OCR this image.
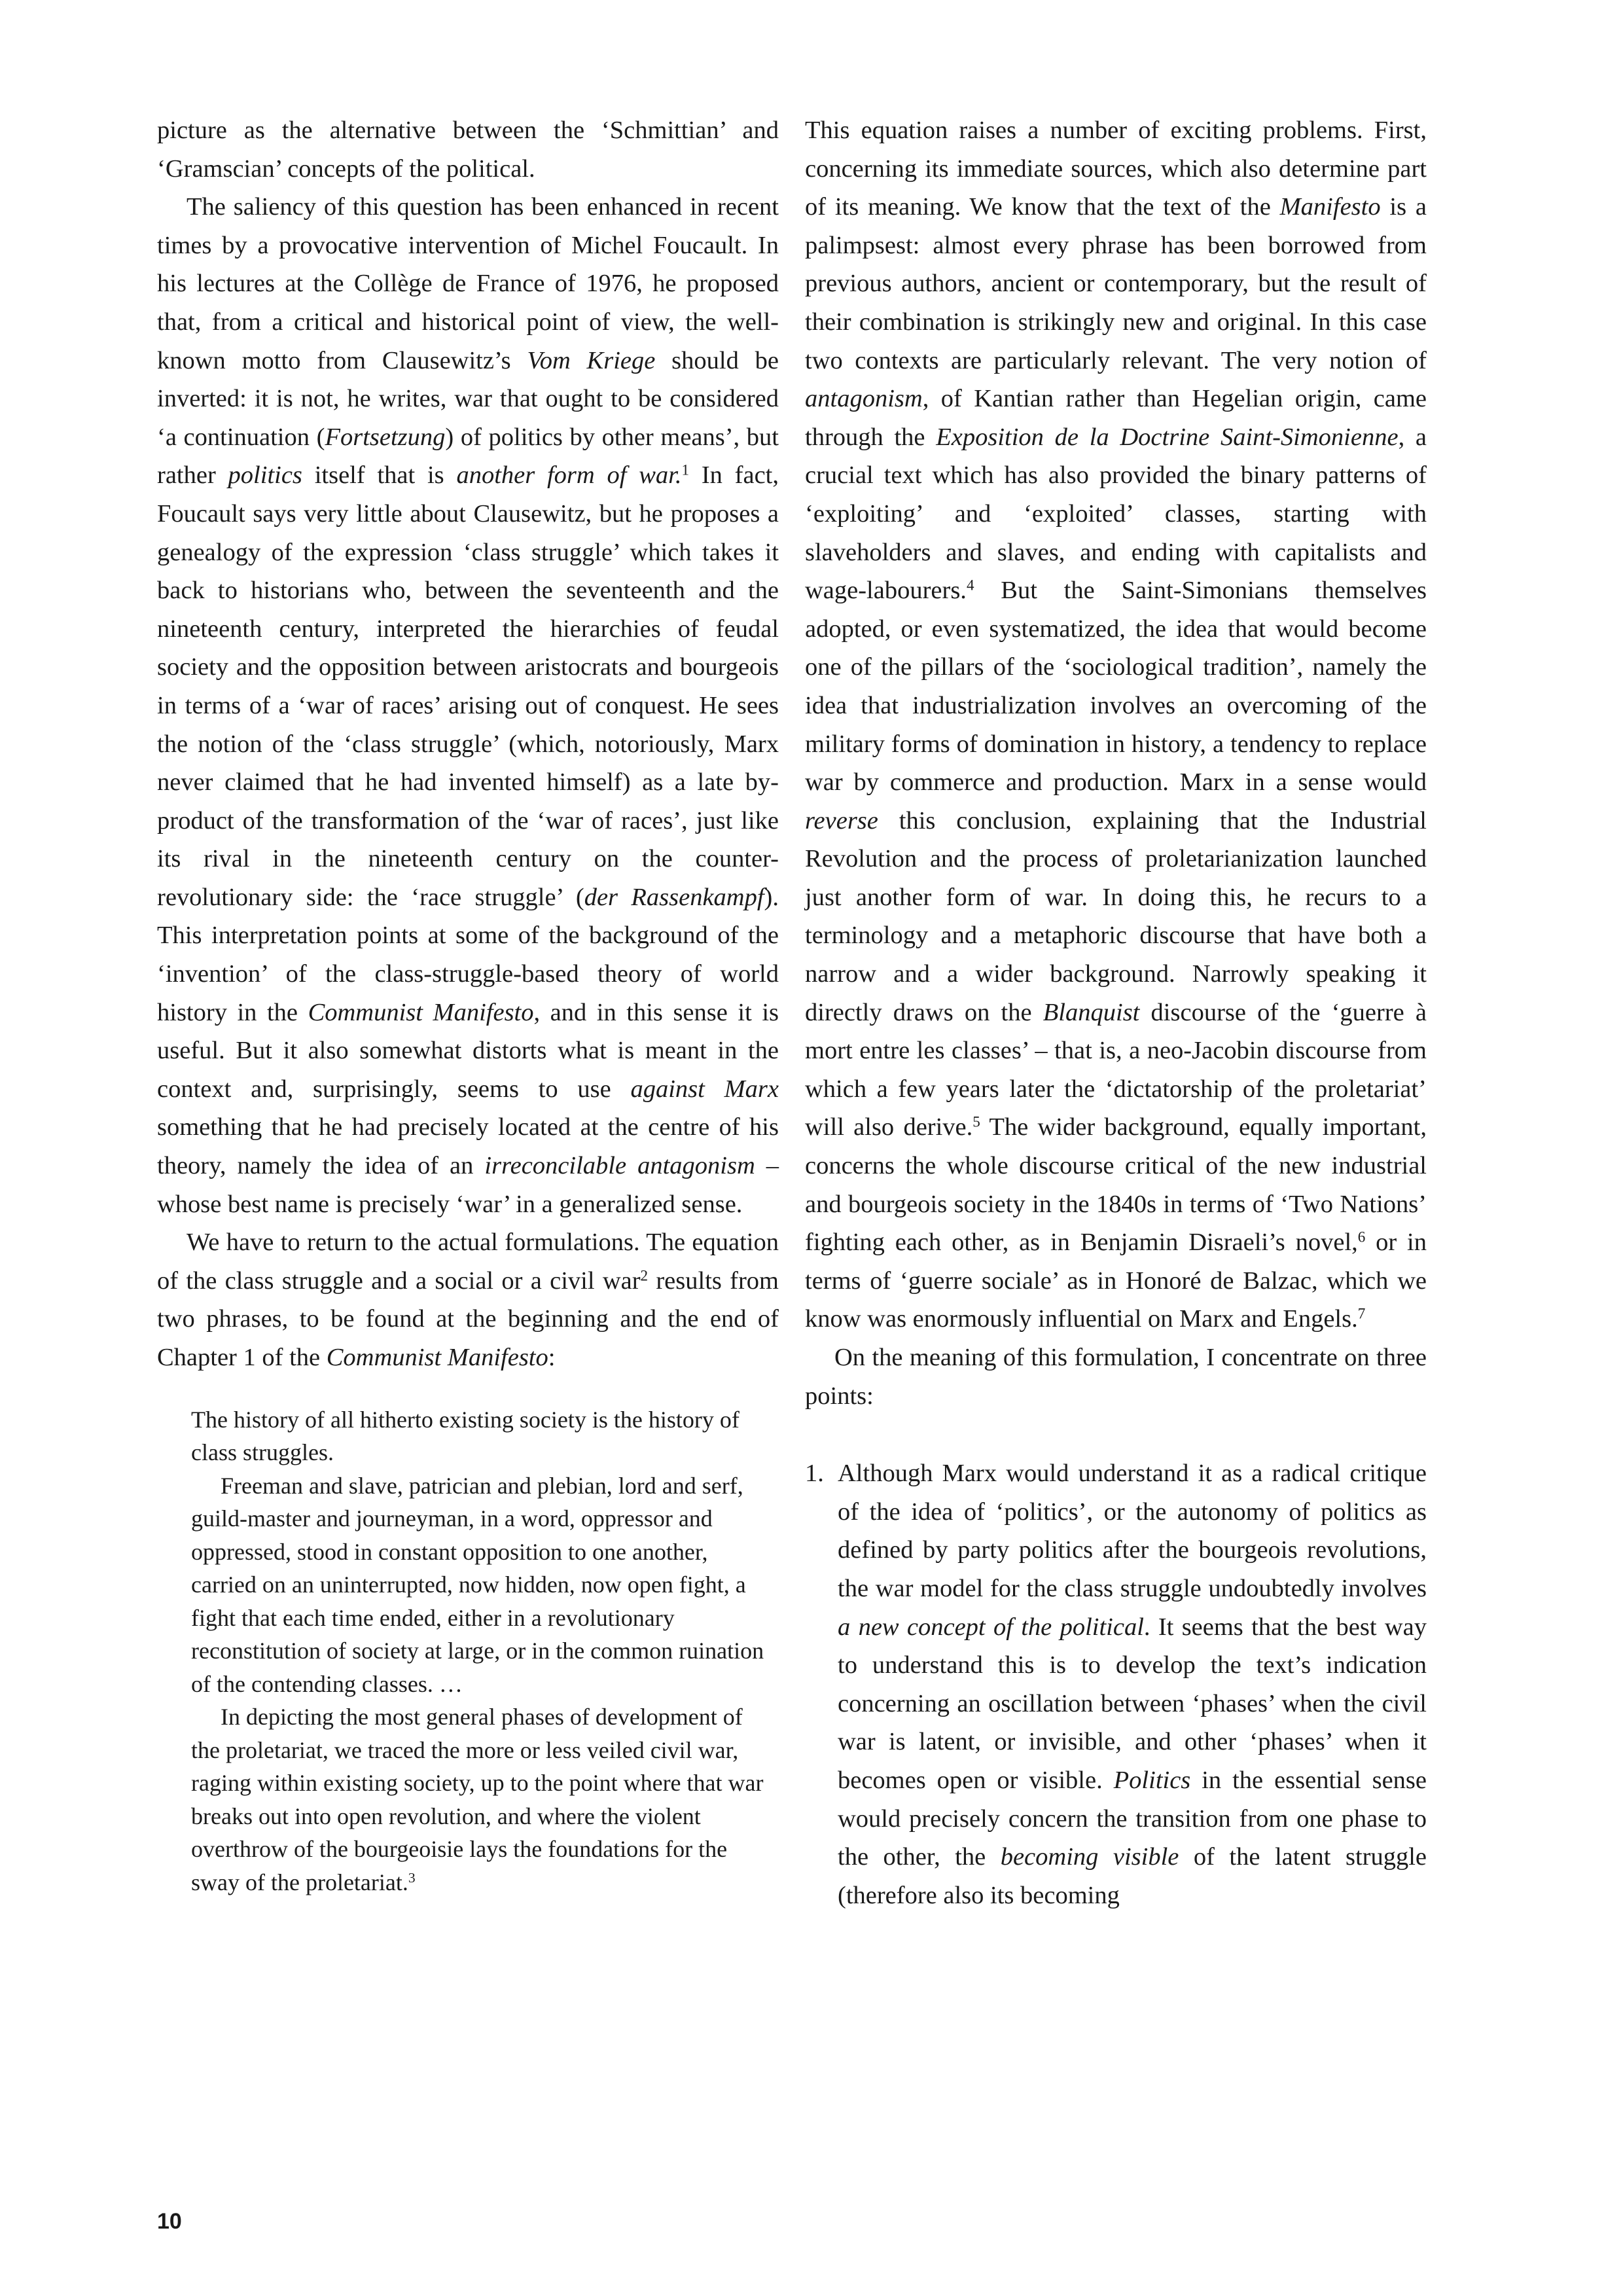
picture as the alternative between the ‘Schmittian’ and ‘Gramscian’ concepts of the political.

The saliency of this question has been enhanced in recent times by a provocative intervention of Michel Foucault. In his lectures at the Collège de France of 1976, he proposed that, from a critical and historical point of view, the well-known motto from Clausewitz’s Vom Kriege should be inverted: it is not, he writes, war that ought to be considered ‘a continuation (Fortsetzung) of politics by other means’, but rather politics itself that is another form of war.$^1$ In fact, Foucault says very little about Clausewitz, but he proposes a genealogy of the expression ‘class struggle’ which takes it back to historians who, between the seventeenth and the nineteenth century, interpreted the hierarchies of feudal society and the opposition between aristocrats and bourgeois in terms of a ‘war of races’ arising out of conquest. He sees the notion of the ‘class struggle’ (which, notoriously, Marx never claimed that he had invented himself) as a late by-product of the transformation of the ‘war of races’, just like its rival in the nineteenth century on the counter-revolutionary side: the ‘race struggle’ (der Rassenkampf). This interpretation points at some of the background of the ‘invention’ of the class-struggle-based theory of world history in the Communist Manifesto, and in this sense it is useful. But it also somewhat distorts what is meant in the context and, surprisingly, seems to use against Marx something that he had precisely located at the centre of his theory, namely the idea of an irreconcilable antagonism – whose best name is precisely ‘war’ in a generalized sense.

We have to return to the actual formulations. The equation of the class struggle and a social or a civil war$^2$ results from two phrases, to be found at the beginning and the end of Chapter 1 of the Communist Manifesto:

The history of all hitherto existing society is the history of class struggles.

Freeman and slave, patrician and plebian, lord and serf, guild-master and journeyman, in a word, oppressor and oppressed, stood in constant opposition to one another, carried on an uninterrupted, now hidden, now open fight, a fight that each time ended, either in a revolutionary reconstitution of society at large, or in the common ruination of the contending classes. …

In depicting the most general phases of development of the proletariat, we traced the more or less veiled civil war, raging within existing society, up to the point where that war breaks out into open revolution, and where the violent overthrow of the bourgeoisie lays the foundations for the sway of the proletariat.$^3$

This equation raises a number of exciting problems. First, concerning its immediate sources, which also determine part of its meaning. We know that the text of the Manifesto is a palimpsest: almost every phrase has been borrowed from previous authors, ancient or contemporary, but the result of their combination is strikingly new and original. In this case two contexts are particularly relevant. The very notion of antagonism, of Kantian rather than Hegelian origin, came through the Exposition de la Doctrine Saint-Simonienne, a crucial text which has also provided the binary patterns of ‘exploiting’ and ‘exploited’ classes, starting with slaveholders and slaves, and ending with capitalists and wage-labourers.$^4$ But the Saint-Simonians themselves adopted, or even systematized, the idea that would become one of the pillars of the ‘sociological tradition’, namely the idea that industrialization involves an overcoming of the military forms of domination in history, a tendency to replace war by commerce and production. Marx in a sense would reverse this conclusion, explaining that the Industrial Revolution and the process of proletarianization launched just another form of war. In doing this, he recurs to a terminology and a metaphoric discourse that have both a narrow and a wider background. Narrowly speaking it directly draws on the Blanquist discourse of the ‘guerre à mort entre les classes’ – that is, a neo-Jacobin discourse from which a few years later the ‘dictatorship of the proletariat’ will also derive.$^5$ The wider background, equally important, concerns the whole discourse critical of the new industrial and bourgeois society in the 1840s in terms of ‘Two Nations’ fighting each other, as in Benjamin Disraeli’s novel,$^6$ or in terms of ‘guerre sociale’ as in Honoré de Balzac, which we know was enormously influential on Marx and Engels.$^7$

On the meaning of this formulation, I concentrate on three points:

1. Although Marx would understand it as a radical critique of the idea of ‘politics’, or the autonomy of politics as defined by party politics after the bourgeois revolutions, the war model for the class struggle undoubtedly involves a new concept of the political. It seems that the best way to understand this is to develop the text’s indication concerning an oscillation between ‘phases’ when the civil war is latent, or invisible, and other ‘phases’ when it becomes open or visible. Politics in the essential sense would precisely concern the transition from one phase to the other, the becoming visible of the latent struggle (therefore also its becoming

10
